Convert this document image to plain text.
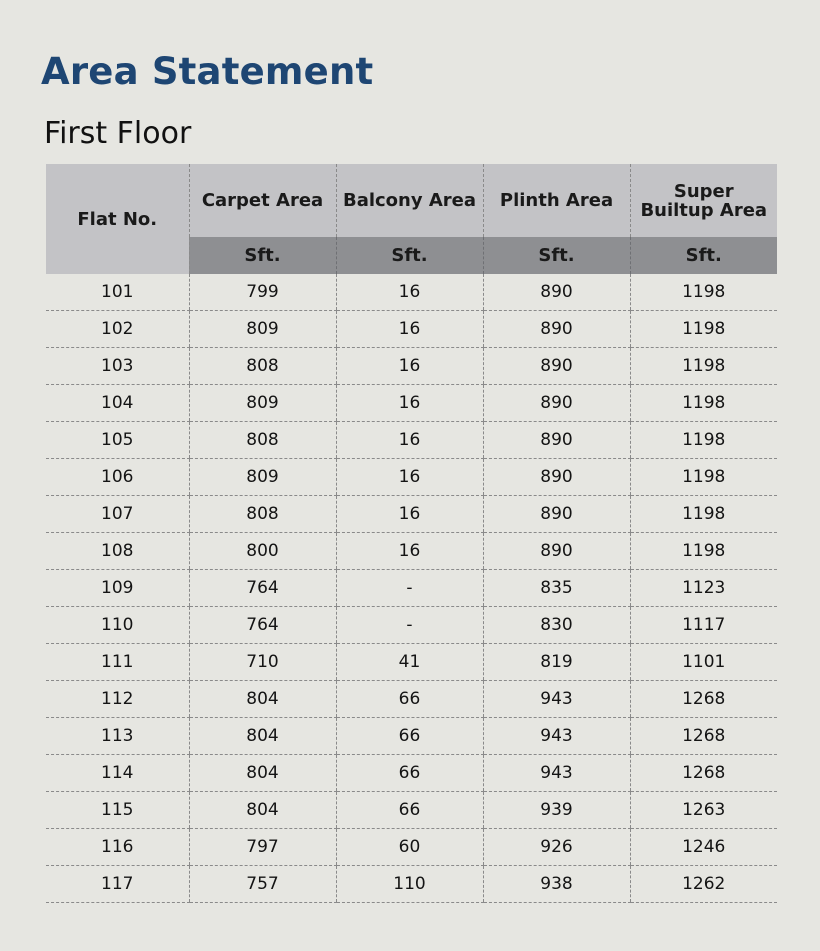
Area Statement
First Floor
Flat No.	Carpet Area	Balcony Area	Plinth Area	Super Builtup Area
	Sft.	Sft.	Sft.	Sft.
101	799	16	890	1198
102	809	16	890	1198
103	808	16	890	1198
104	809	16	890	1198
105	808	16	890	1198
106	809	16	890	1198
107	808	16	890	1198
108	800	16	890	1198
109	764	-	835	1123
110	764	-	830	1117
111	710	41	819	1101
112	804	66	943	1268
113	804	66	943	1268
114	804	66	943	1268
115	804	66	939	1263
116	797	60	926	1246
117	757	110	938	1262
